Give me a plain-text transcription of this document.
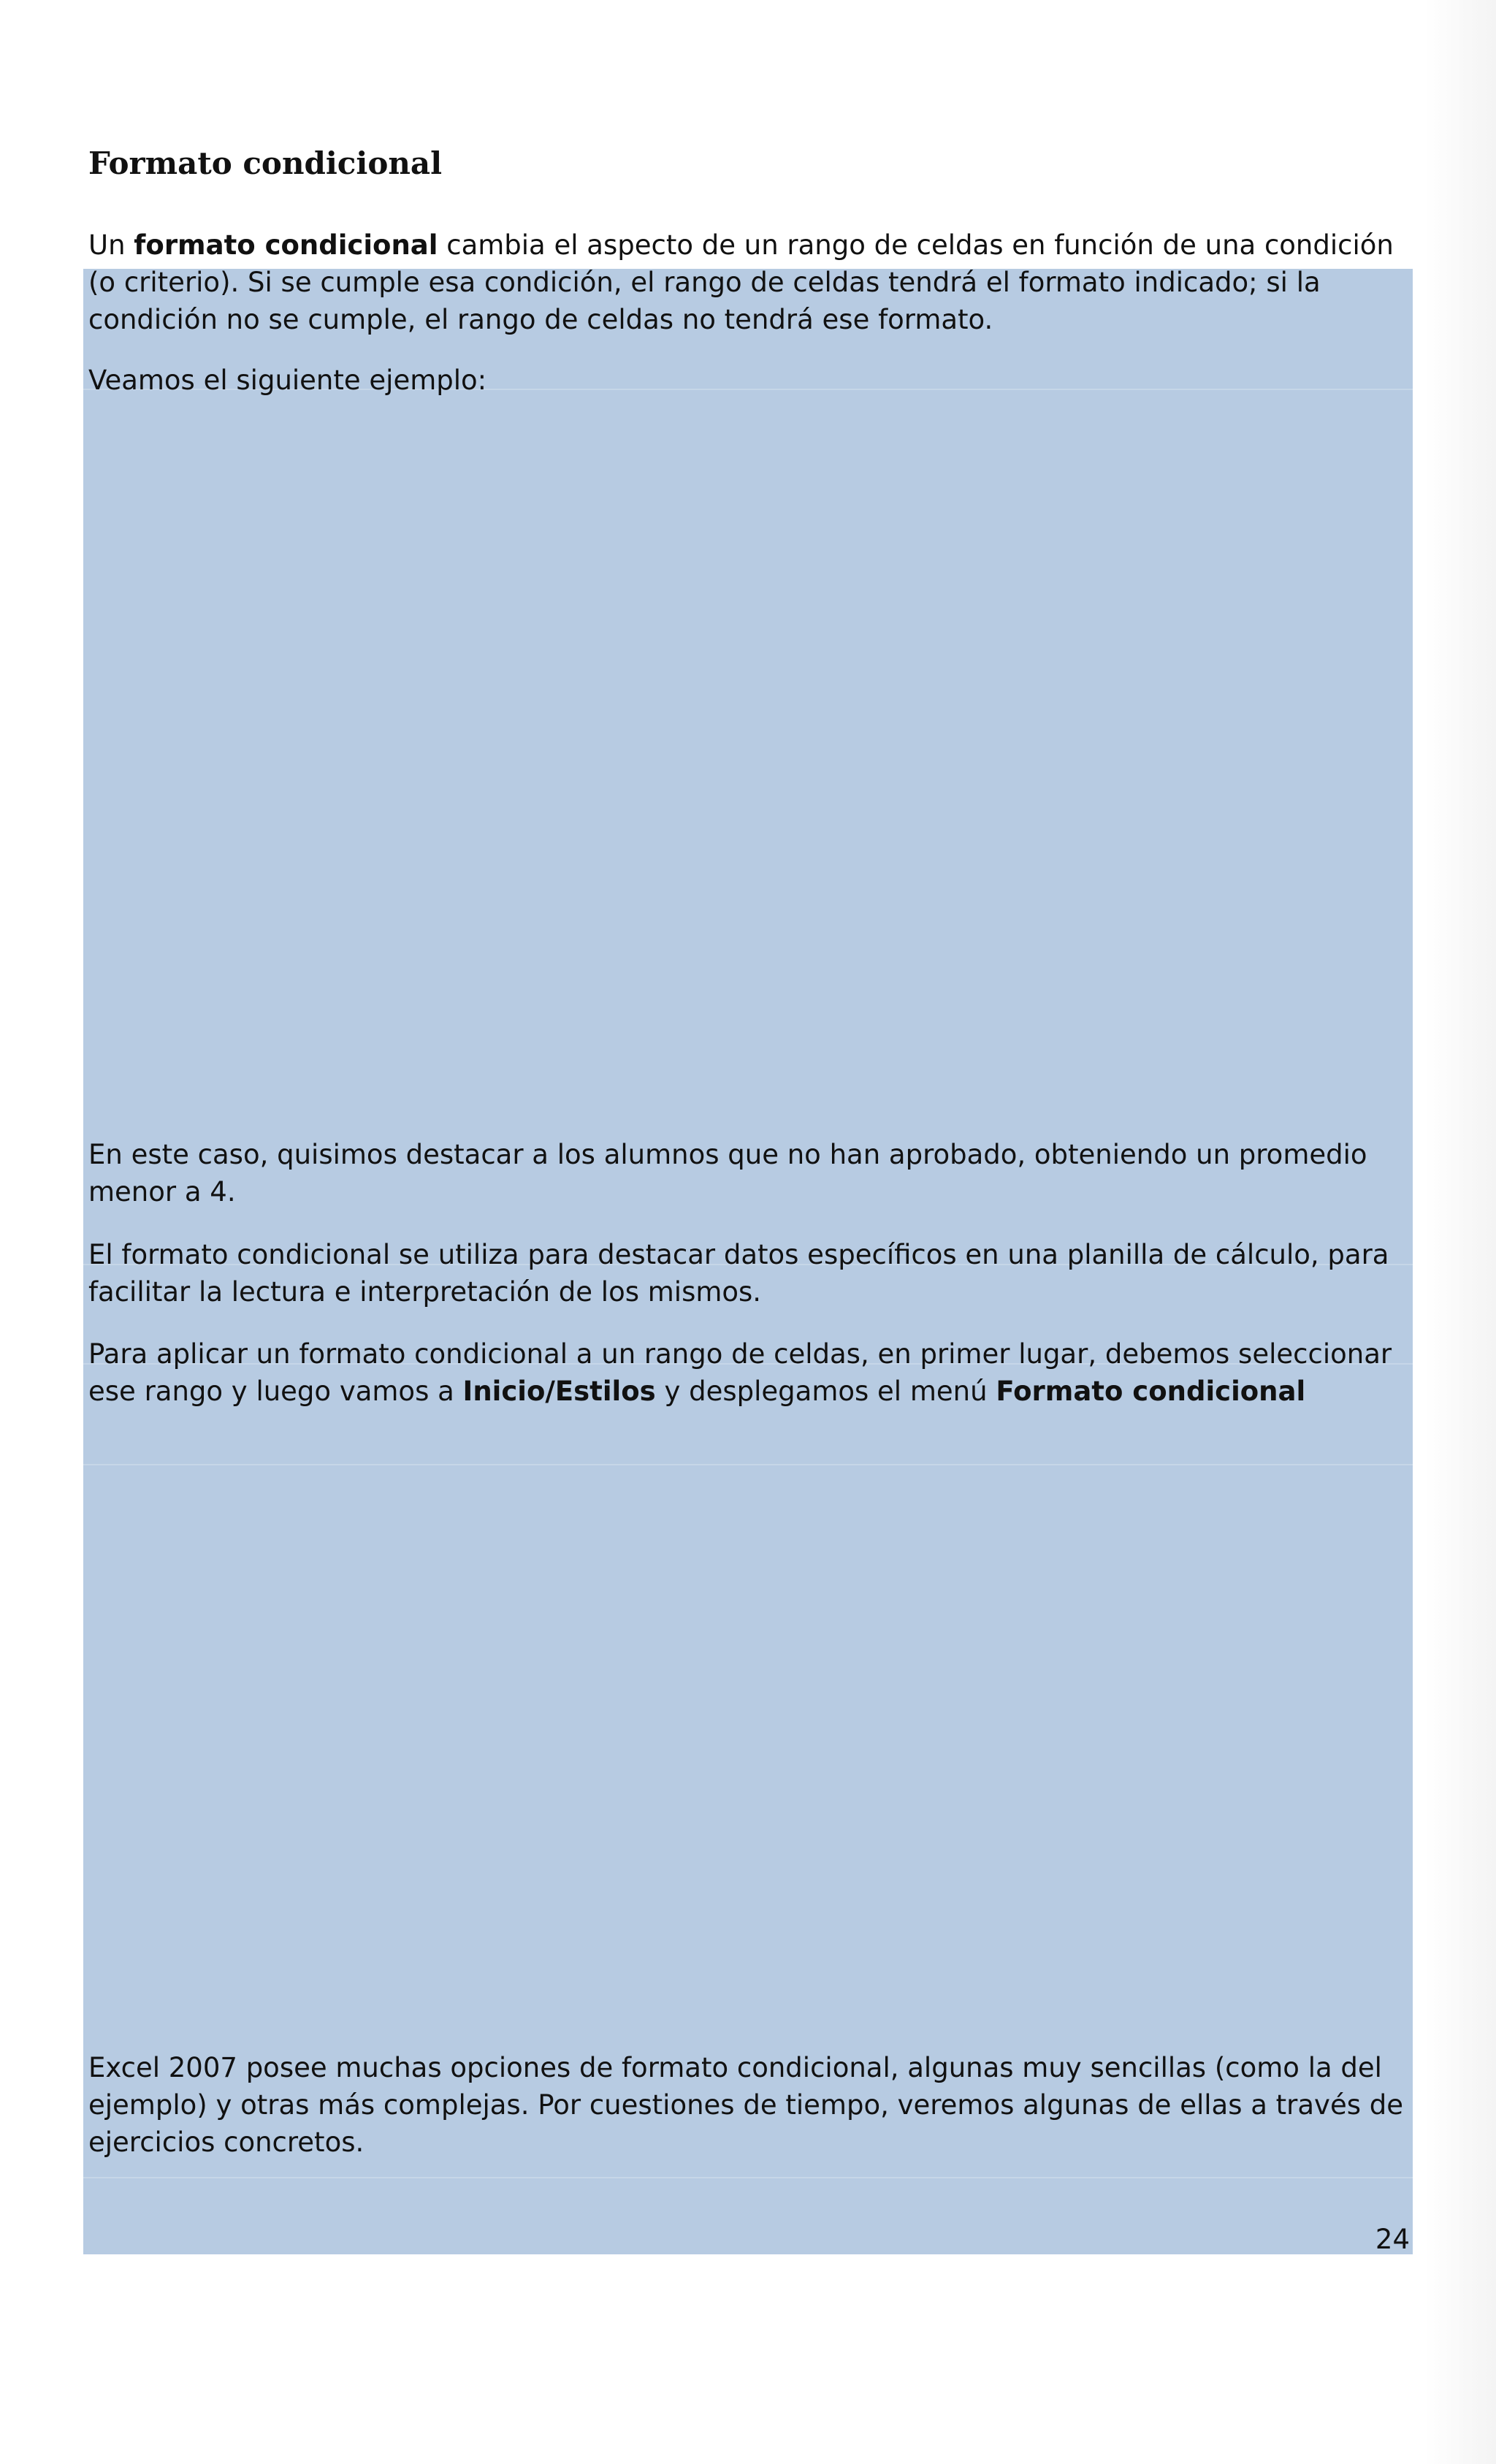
Formato condicional

Un formato condicional cambia el aspecto de un rango de celdas en función de una condición (o criterio). Si se cumple esa condición, el rango de celdas tendrá el formato indicado; si la condición no se cumple, el rango de celdas no tendrá ese formato.

Veamos el siguiente ejemplo:

En este caso, quisimos destacar a los alumnos que no han aprobado, obteniendo un promedio menor a 4.

El formato condicional se utiliza para destacar datos específicos en una planilla de cálculo, para facilitar la lectura e interpretación de los mismos.

Para aplicar un formato condicional a un rango de celdas, en primer lugar, debemos seleccionar ese rango y luego vamos a Inicio/Estilos y desplegamos el menú Formato condicional

Excel 2007 posee muchas opciones de formato condicional, algunas muy sencillas (como la del ejemplo) y otras más complejas. Por cuestiones de tiempo, veremos algunas de ellas a través de ejercicios concretos.

24
